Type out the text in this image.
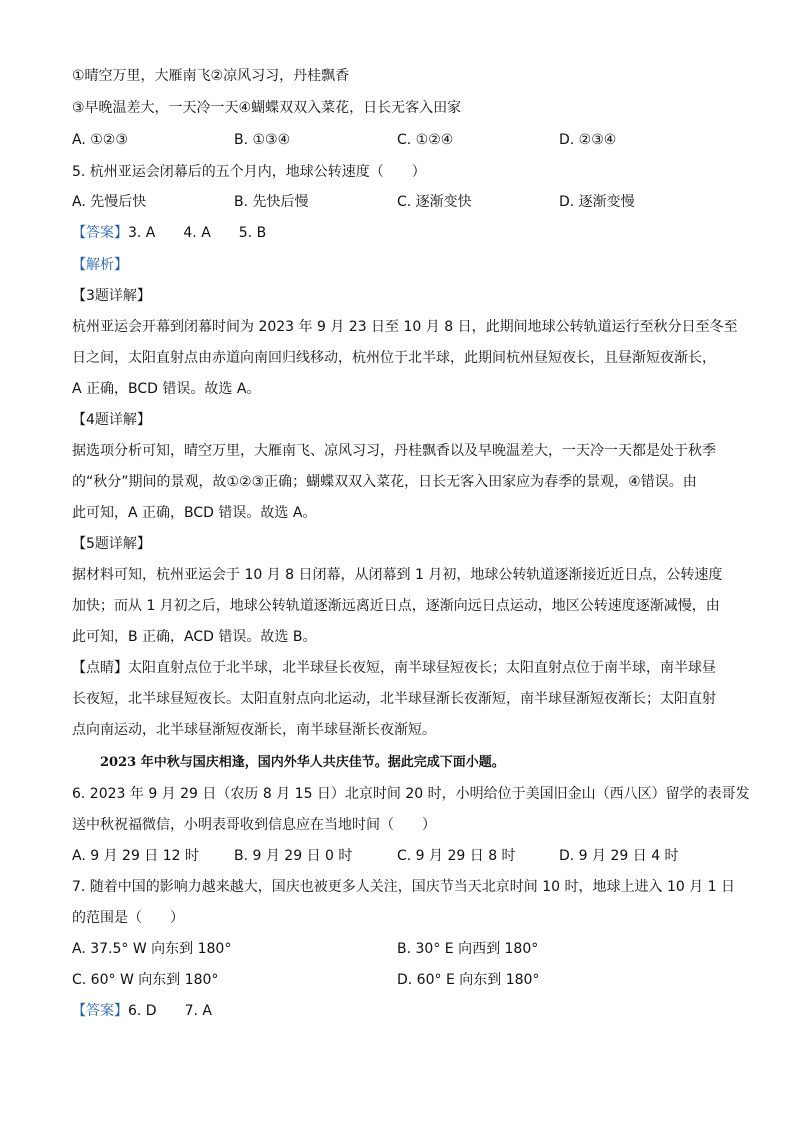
①晴空万里，大雁南飞②凉风习习，丹桂飘香
③早晚温差大，一天冷一天④蝴蝶双双入菜花，日长无客入田家
A. ①②③	B. ①③④	C. ①②④	D. ②③④
5. 杭州亚运会闭幕后的五个月内，地球公转速度（　　）
A. 先慢后快	B. 先快后慢	C. 逐渐变快	D. 逐渐变慢
【答案】3. A　　4. A　　5. B
【解析】
【3题详解】
杭州亚运会开幕到闭幕时间为 2023 年 9 月 23 日至 10 月 8 日，此期间地球公转轨道运行至秋分日至冬至
日之间，太阳直射点由赤道向南回归线移动，杭州位于北半球，此期间杭州昼短夜长，且昼渐短夜渐长，
A 正确，BCD 错误。故选 A。
【4题详解】
据选项分析可知，晴空万里，大雁南飞、凉风习习，丹桂飘香以及早晚温差大，一天冷一天都是处于秋季
的“秋分”期间的景观，故①②③正确；蝴蝶双双入菜花，日长无客入田家应为春季的景观，④错误。由
此可知，A 正确，BCD 错误。故选 A。
【5题详解】
据材料可知，杭州亚运会于 10 月 8 日闭幕，从闭幕到 1 月初，地球公转轨道逐渐接近近日点，公转速度
加快；而从 1 月初之后，地球公转轨道逐渐远离近日点，逐渐向远日点运动，地区公转速度逐渐减慢，由
此可知，B 正确，ACD 错误。故选 B。
【点睛】太阳直射点位于北半球，北半球昼长夜短，南半球昼短夜长；太阳直射点位于南半球，南半球昼
长夜短，北半球昼短夜长。太阳直射点向北运动，北半球昼渐长夜渐短，南半球昼渐短夜渐长；太阳直射
点向南运动，北半球昼渐短夜渐长，南半球昼渐长夜渐短。
2023 年中秋与国庆相逢，国内外华人共庆佳节。据此完成下面小题。
6. 2023 年 9 月 29 日（农历 8 月 15 日）北京时间 20 时，小明给位于美国旧金山（西八区）留学的表哥发
送中秋祝福微信，小明表哥收到信息应在当地时间（　　）
A. 9 月 29 日 12 时 B. 9 月 29 日 0 时	C. 9 月 29 日 8 时	D. 9 月 29 日 4 时
7. 随着中国的影响力越来越大，国庆也被更多人关注，国庆节当天北京时间 10 时，地球上进入 10 月 1 日
的范围是（　　）
A. 37.5° W 向东到 180°	B. 30° E 向西到 180°
C. 60° W 向东到 180°	D. 60° E 向东到 180°
【答案】6. D　　7. A
